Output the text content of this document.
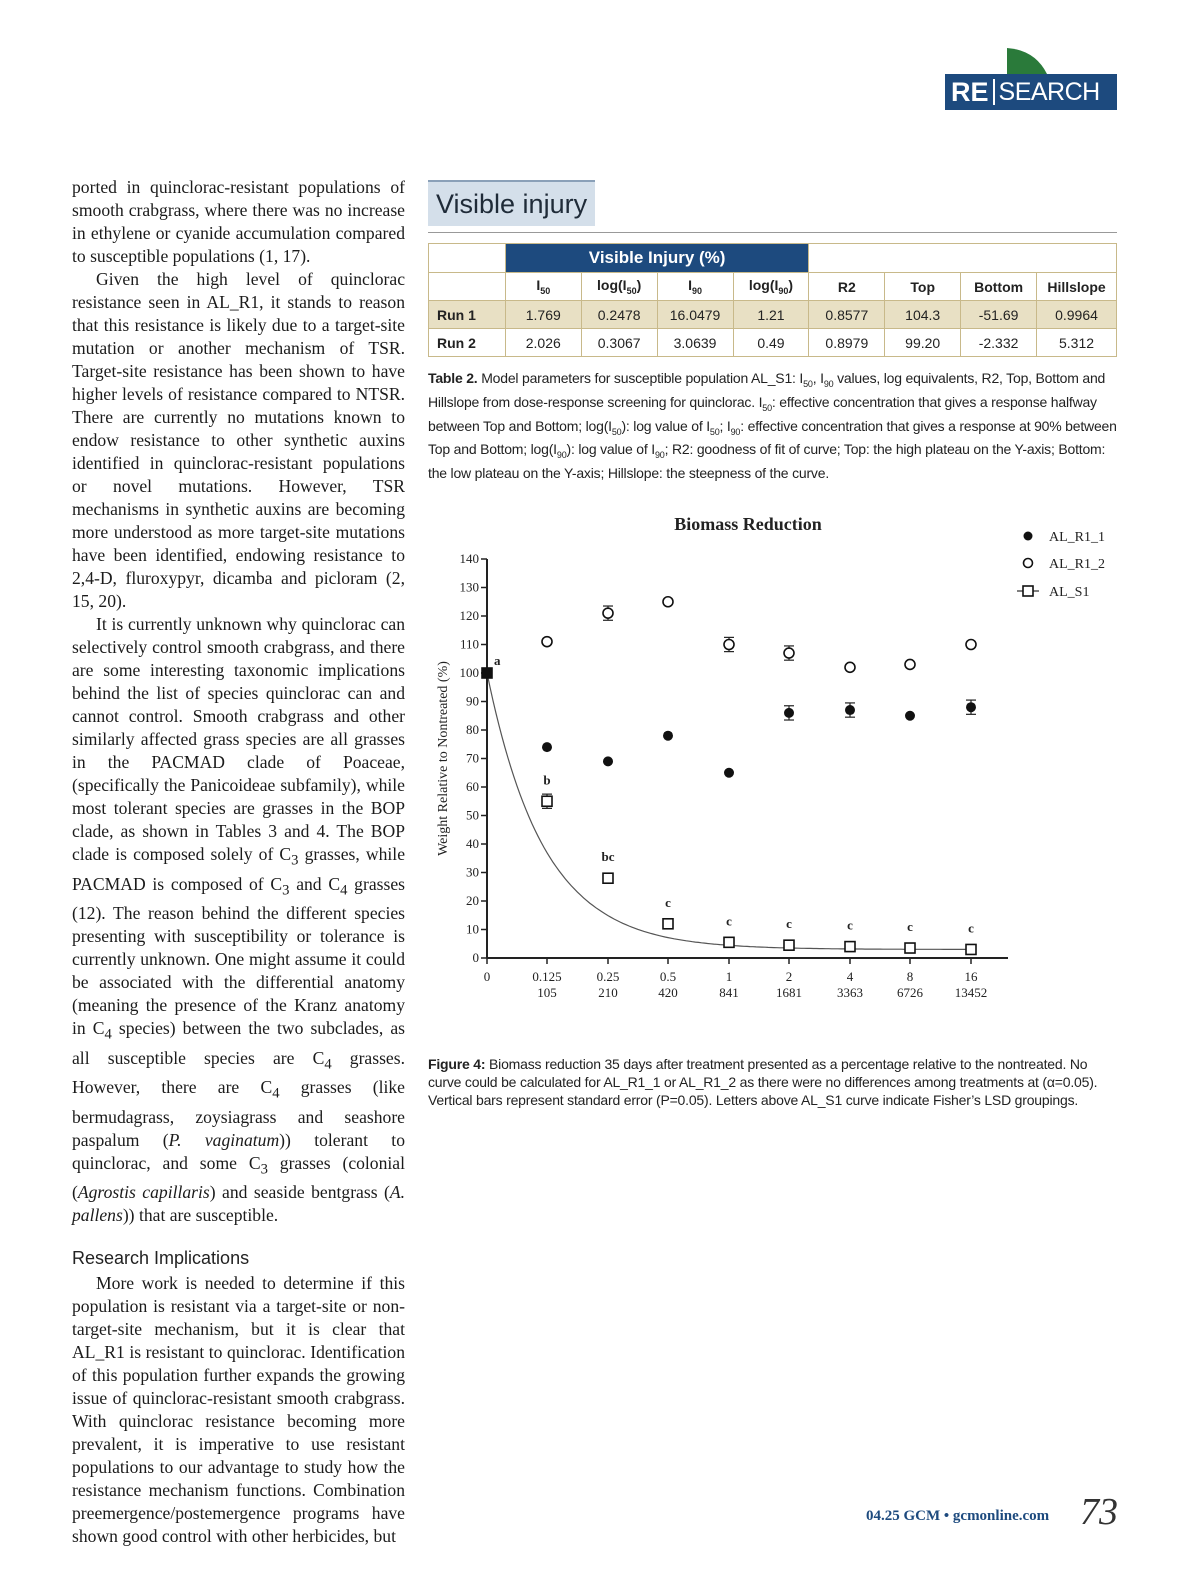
RE SEARCH

ported in quinclorac-resistant populations of smooth crabgrass, where there was no increase in ethylene or cyanide accumulation compared to susceptible populations (1, 17).

Given the high level of quinclorac resistance seen in AL_R1, it stands to reason that this resistance is likely due to a target-site mutation or another mechanism of TSR. Target-site resistance has been shown to have higher levels of resistance compared to NTSR. There are currently no mutations known to endow resistance to other synthetic auxins identified in quinclorac-resistant populations or novel mutations. However, TSR mechanisms in synthetic auxins are becoming more understood as more target-site mutations have been identified, endowing resistance to 2,4-D, fluroxypyr, dicamba and picloram (2, 15, 20).

It is currently unknown why quinclorac can selectively control smooth crabgrass, and there are some interesting taxonomic implications behind the list of species quinclorac can and cannot control. Smooth crabgrass and other similarly affected grass species are all grasses in the PACMAD clade of Poaceae, (specifically the Panicoideae subfamily), while most tolerant species are grasses in the BOP clade, as shown in Tables 3 and 4. The BOP clade is composed solely of $C_3$ grasses, while PACMAD is composed of $C_3$ and $C_4$ grasses (12). The reason behind the different species presenting with susceptibility or tolerance is currently unknown. One might assume it could be associated with the differential anatomy (meaning the presence of the Kranz anatomy in $C_4$ species) between the two subclades, as all susceptible species are $C_4$ grasses. However, there are $C_4$ grasses (like bermudagrass, zoysiagrass and seashore paspalum (P. vaginatum)) tolerant to quinclorac, and some $C_3$ grasses (colonial (Agrostis capillaris) and seaside bentgrass (A. pallens)) that are susceptible.

Research Implications

More work is needed to determine if this population is resistant via a target-site or non-target-site mechanism, but it is clear that AL_R1 is resistant to quinclorac. Identification of this population further expands the growing issue of quinclorac-resistant smooth crabgrass. With quinclorac resistance becoming more prevalent, it is imperative to use resistant populations to our advantage to study how the resistance mechanism functions. Combination preemergence/postemergence programs have shown good control with other herbicides, but

Visible injury
	Visible Injury (%)							
	$I_{50}$	$\log(I_{50})$	$I_{90}$	$\log(I_{90})$	R2	Top	Bottom	Hillslope
Run 1	1.769	0.2478	16.0479	1.21	0.8577	104.3	-51.69	0.9964
Run 2	2.026	0.3067	3.0639	0.49	0.8979	99.20	-2.332	5.312
Table 2. Model parameters for susceptible population AL_S1: $I_{50}$, $I_{90}$ values, log equivalents, R2, Top, Bottom and Hillslope from dose-response screening for quinclorac. $I_{50}$: effective concentration that gives a response halfway between Top and Bottom; $\log(I_{50})$: log value of $I_{50}$; $I_{90}$: effective concentration that gives a response at 90% between Top and Bottom; $\log(I_{90})$: log value of $I_{90}$; R2: goodness of fit of curve; Top: the high plateau on the Y-axis; Bottom: the low plateau on the Y-axis; Hillslope: the steepness of the curve.
Biomass Reduction
0
10
20
30
40
50
60
70
80
90
100
110
120
130
140
Weight Relative to Nontreated (%)
0	0.125
105
0.25
210
0.5
420
1
841
2
1681
4
3363
8
6726
16
13452
a
b
bc
c
c	c	c	c	c
AL_R1_1
AL_R1_2
AL_S1
Figure 4: Biomass reduction 35 days after treatment presented as a percentage relative to the nontreated. No curve could be calculated for AL_R1_1 or AL_R1_2 as there were no differences among treatments at (α=0.05). Vertical bars represent standard error (P=0.05). Letters above AL_S1 curve indicate Fisher’s LSD groupings.
04.25 GCM • gcmonline.com 73
